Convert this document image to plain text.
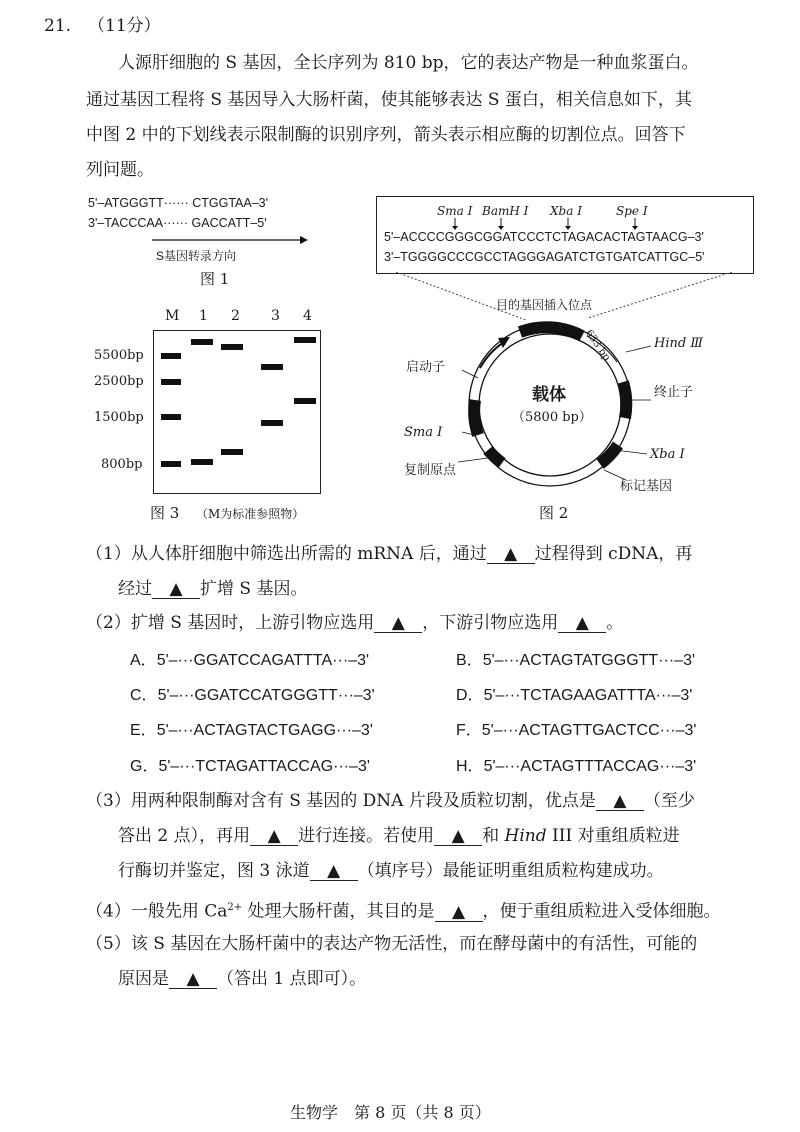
21. （11分）
人源肝细胞的 S 基因，全长序列为 810 bp，它的表达产物是一种血浆蛋白。
通过基因工程将 S 基因导入大肠杆菌，使其能够表达 S 蛋白，相关信息如下，其
中图 2 中的下划线表示限制酶的识别序列，箭头表示相应酶的切割位点。回答下
列问题。
5'–ATGGGTT······ CTGGTAA–3'
3'–TACCCAA······ GACCATT–5'
S基因转录方向
图 1
M 1 2 3 4
5500bp
2500bp
1500bp
800bp
图 3 （M为标准参照物）
Sma Ⅰ BamH Ⅰ Xba Ⅰ	Spe Ⅰ
5'–ACCCCGGGCGGATCCCTCTAGACACTAGTAACG–3'
3'–TGGGGCCCGCCTAGGGAGATCTGTGATCATTGC–5'
目的基因插入位点
633 bp	Hind Ⅲ
启动子
终止子
载体
（5800 bp）
Sma Ⅰ
Xba Ⅰ
复制原点
标记基因
图 2
（1）从人体肝细胞中筛选出所需的 mRNA 后，通过 ▲ 过程得到 cDNA，再
经过 ▲ 扩增 S 基因。
（2）扩增 S 基因时，上游引物应选用 ▲ ，下游引物应选用 ▲ 。
A．5'–···GGATCCAGATTTA···–3'	B．5'–···ACTAGTATGGGTT···–3'
C．5'–···GGATCCATGGGTT···–3'	D．5'–···TCTAGAAGATTTA···–3'
E．5'–···ACTAGTACTGAGG···–3'	F．5'–···ACTAGTTGACTCC···–3'
G．5'–···TCTAGATTACCAG···–3'	H．5'–···ACTAGTTTACCAG···–3'
（3）用两种限制酶对含有 S 基因的 DNA 片段及质粒切割，优点是 ▲ （至少
答出 2 点），再用 ▲ 进行连接。若使用 ▲ 和 Hind III 对重组质粒进
行酶切并鉴定，图 3 泳道 ▲ （填序号）最能证明重组质粒构建成功。
（4）一般先用 $Ca^{2+}$ 处理大肠杆菌，其目的是 ▲ ，便于重组质粒进入受体细胞。
（5）该 S 基因在大肠杆菌中的表达产物无活性，而在酵母菌中的有活性，可能的
原因是 ▲ （答出 1 点即可）。
生物学　第 8 页（共 8 页）
